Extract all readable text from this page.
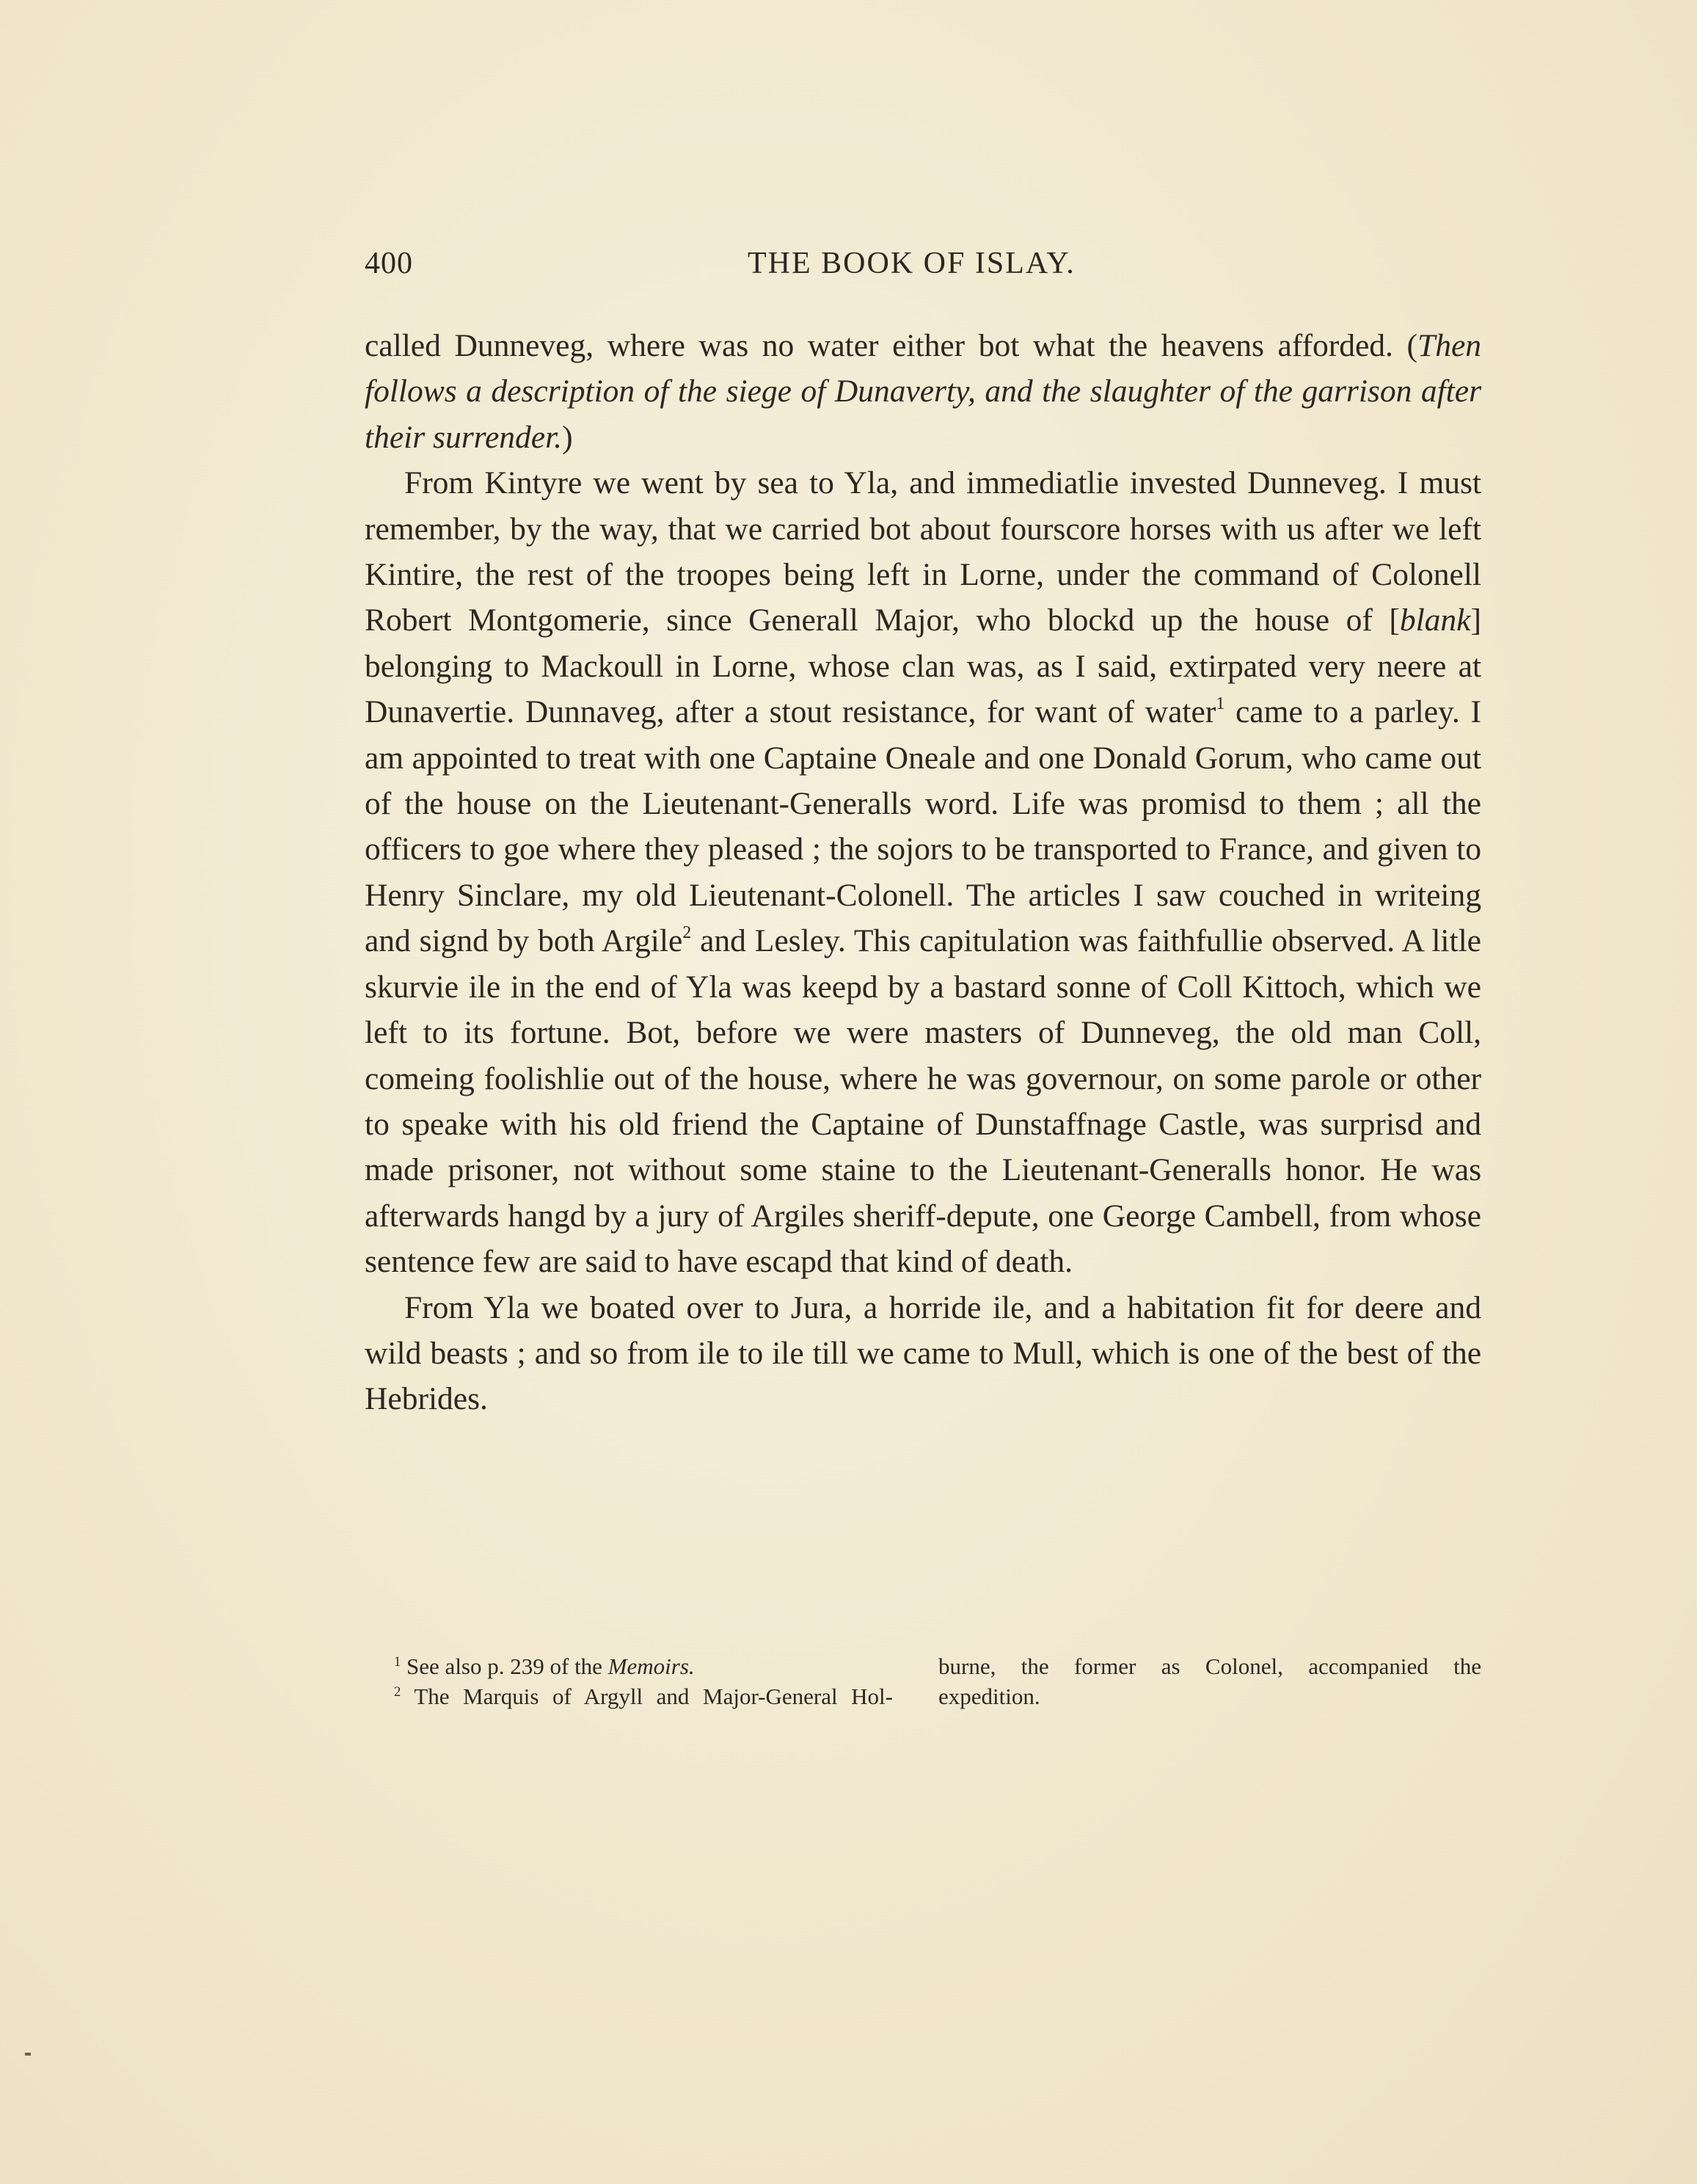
400	THE BOOK OF ISLAY.

called Dunneveg, where was no water either bot what the heavens afforded. (Then follows a description of the siege of Dunaverty, and the slaughter of the garrison after their surrender.)

From Kintyre we went by sea to Yla, and immediatlie invested Dunneveg. I must remember, by the way, that we carried bot about fourscore horses with us after we left Kintire, the rest of the troopes being left in Lorne, under the command of Colonell Robert Montgomerie, since Generall Major, who blockd up the house of [blank] belonging to Mackoull in Lorne, whose clan was, as I said, extirpated very neere at Dunavertie. Dunnaveg, after a stout resistance, for want of water$^1$ came to a parley. I am appointed to treat with one Captaine Oneale and one Donald Gorum, who came out of the house on the Lieutenant-Generalls word. Life was promisd to them ; all the officers to goe where they pleased ; the sojors to be transported to France, and given to Henry Sinclare, my old Lieutenant-Colonell. The articles I saw couched in writeing and signd by both Argile$^2$ and Lesley. This capitulation was faithfullie observed. A litle skurvie ile in the end of Yla was keepd by a bastard sonne of Coll Kittoch, which we left to its fortune. Bot, before we were masters of Dunneveg, the old man Coll, comeing foolishlie out of the house, where he was governour, on some parole or other to speake with his old friend the Captaine of Dunstaffnage Castle, was surprisd and made prisoner, not without some staine to the Lieutenant-Generalls honor. He was afterwards hangd by a jury of Argiles sheriff-depute, one George Cambell, from whose sentence few are said to have escapd that kind of death.

From Yla we boated over to Jura, a horride ile, and a habitation fit for deere and wild beasts ; and so from ile to ile till we came to Mull, which is one of the best of the Hebrides.

$^1$ See also p. 239 of the Memoirs.
$^2$ The Marquis of Argyll and Major-General Hol-
burne, the former as Colonel, accompanied the
expedition.
